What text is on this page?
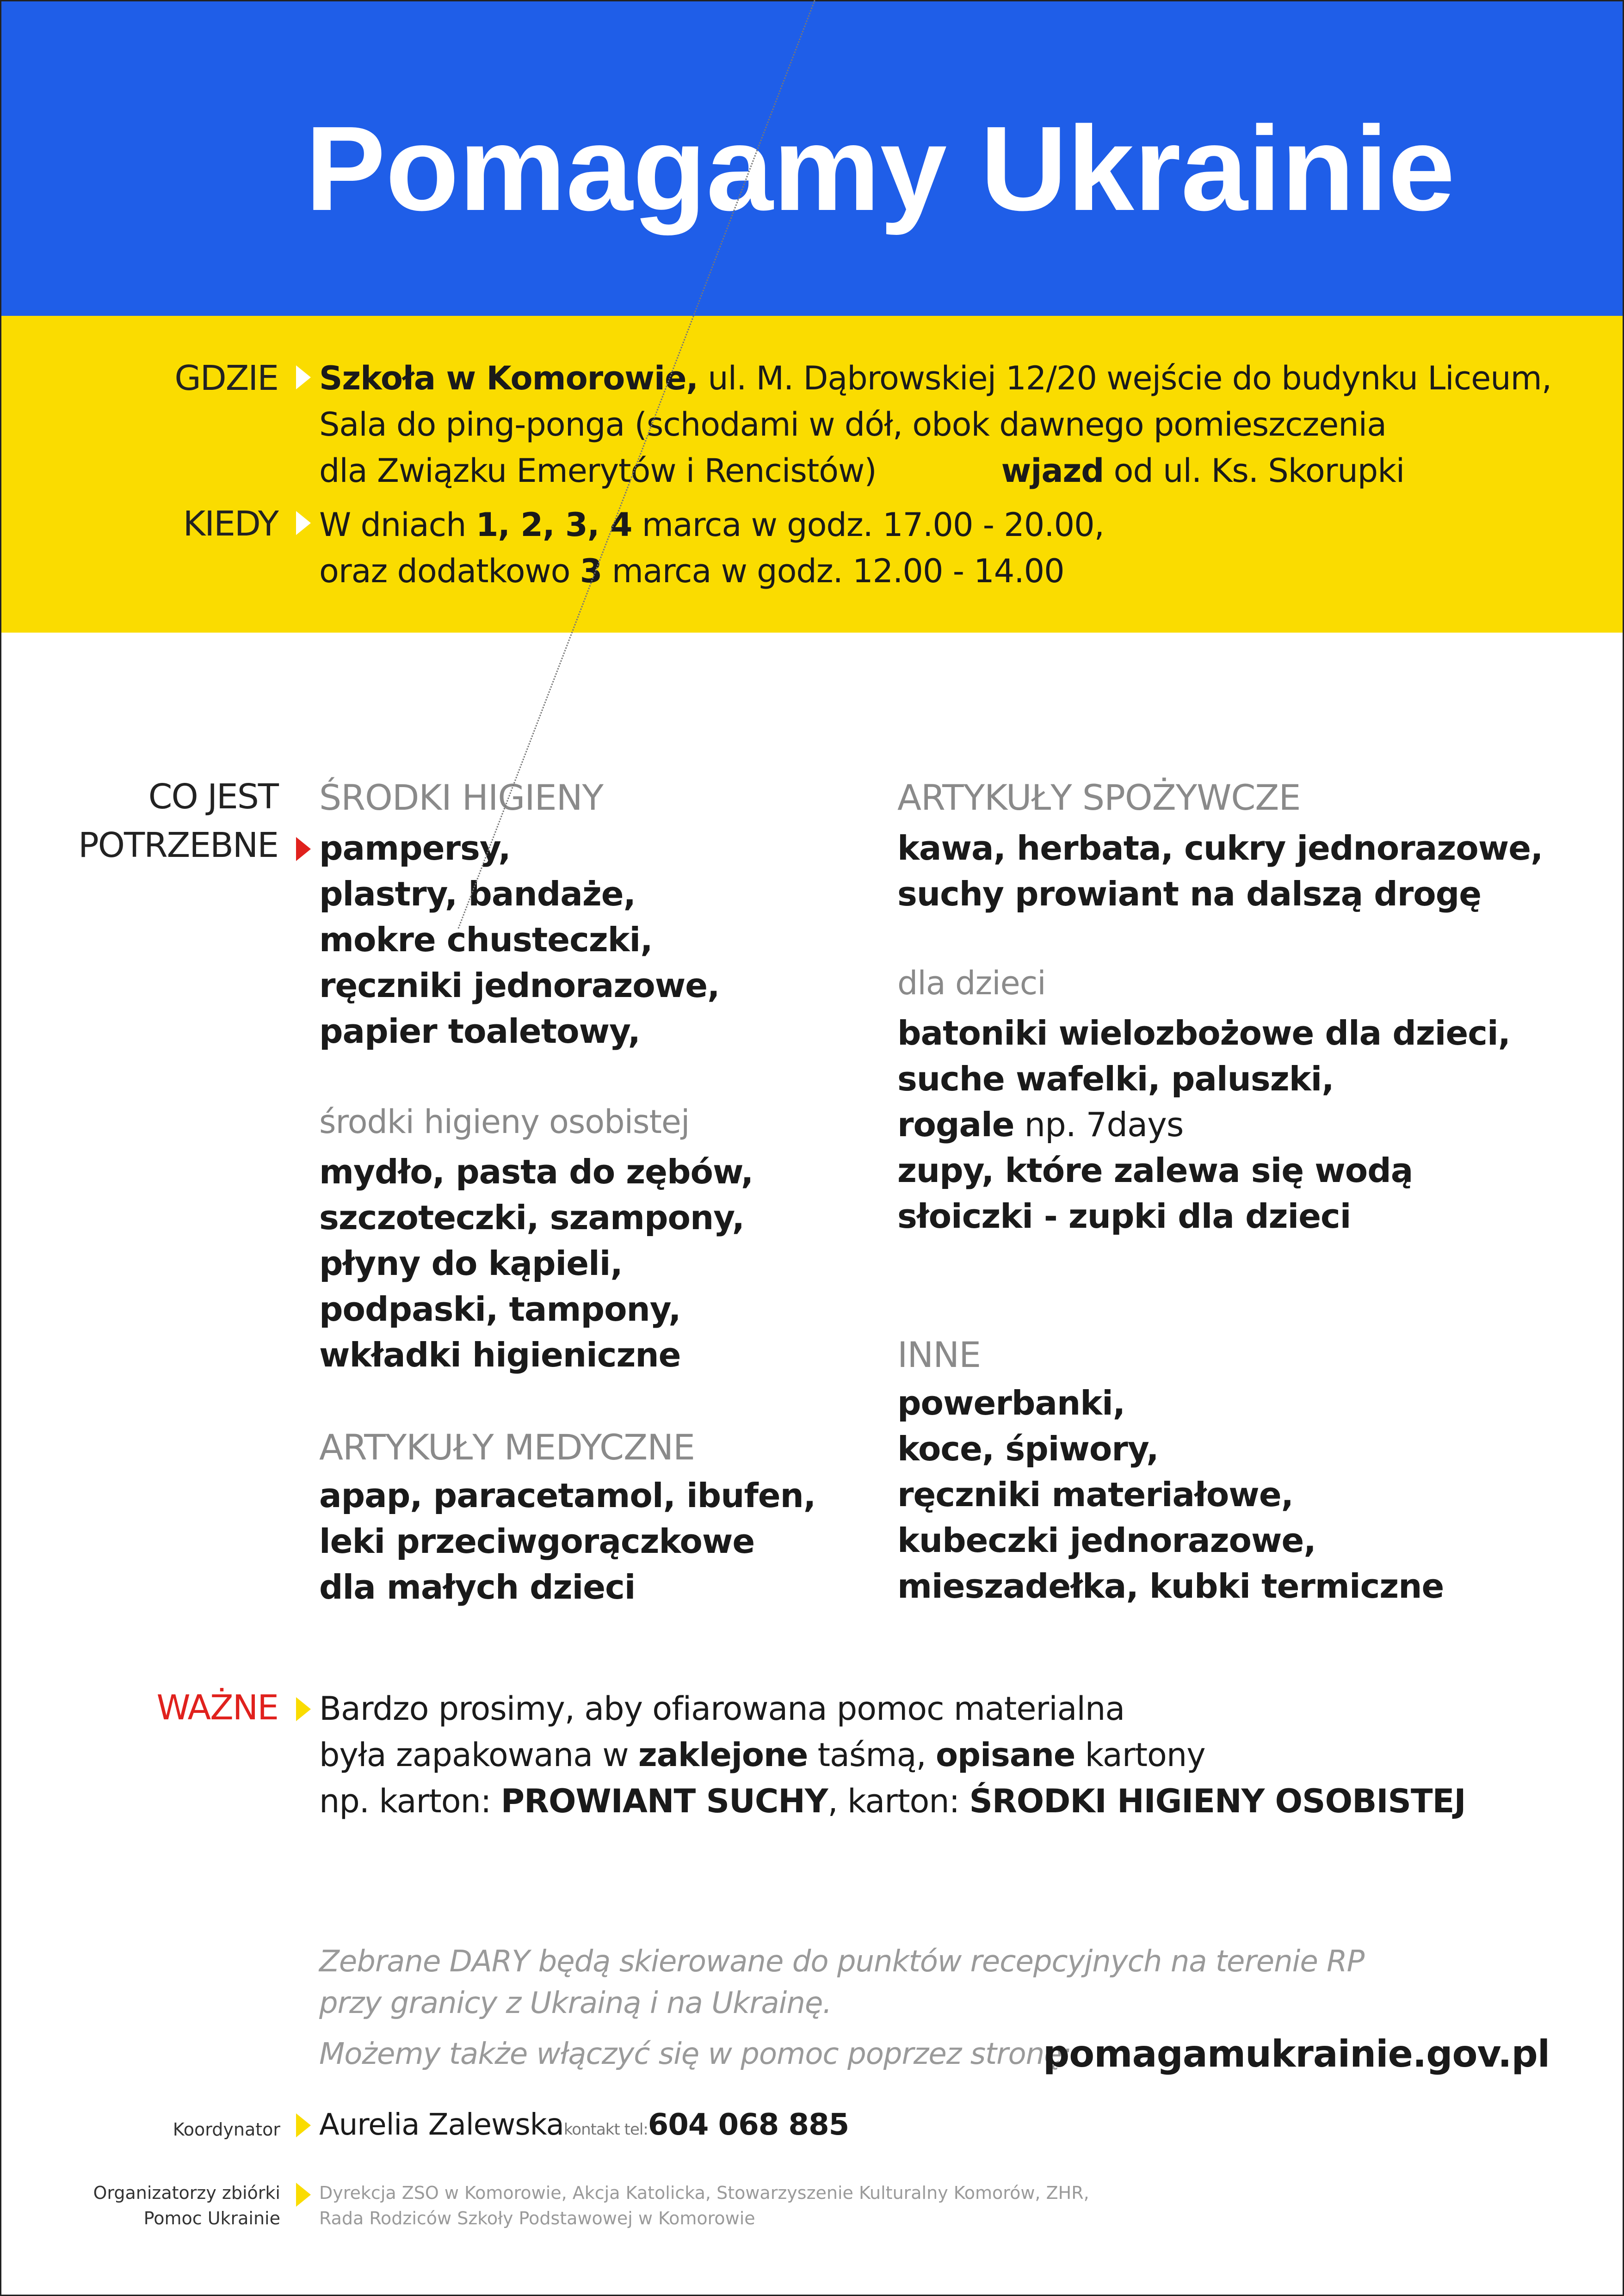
Pomagamy Ukrainie
GDZIE Szkoła w Komorowie, ul. M. Dąbrowskiej 12/20 wejście do budynku Liceum,
Sala do ping-ponga (schodami w dół, obok dawnego pomieszczenia
dla Związku Emerytów i Rencistów)	wjazd od ul. Ks. Skorupki
KIEDY W dniach 1, 2, 3, 4 marca w godz. 17.00 - 20.00,
oraz dodatkowo 3 marca w godz. 12.00 - 14.00
CO JEST
POTRZEBNE
ŚRODKI HIGIENY
pampersy,
plastry, bandaże,
mokre chusteczki,
ręczniki jednorazowe,
papier toaletowy,
środki higieny osobistej
mydło, pasta do zębów,
szczoteczki, szampony,
płyny do kąpieli,
podpaski, tampony,
wkładki higieniczne
ARTYKUŁY MEDYCZNE
apap, paracetamol, ibufen,
leki przeciwgorączkowe
dla małych dzieci
ARTYKUŁY SPOŻYWCZE
kawa, herbata, cukry jednorazowe,
suchy prowiant na dalszą drogę
dla dzieci
batoniki wielozbożowe dla dzieci,
suche wafelki, paluszki,
rogale np. 7days
zupy, które zalewa się wodą
słoiczki - zupki dla dzieci
INNE
powerbanki,
koce, śpiwory,
ręczniki materiałowe,
kubeczki jednorazowe,
mieszadełka, kubki termiczne
WAŻNE Bardzo prosimy, aby ofiarowana pomoc materialna
była zapakowana w zaklejone taśmą, opisane kartony
np. karton: PROWIANT SUCHY, karton: ŚRODKI HIGIENY OSOBISTEJ
Zebrane DARY będą skierowane do punktów recepcyjnych na terenie RP
przy granicy z Ukrainą i na Ukrainę.
Możemy także włączyć się w pomoc poprzez stronę:
pomagamukrainie.gov.pl
Koordynator Aurelia Zalewskakontakt tel:604 068 885
Organizatorzy zbiórki
Pomoc Ukrainie
Dyrekcja ZSO w Komorowie, Akcja Katolicka, Stowarzyszenie Kulturalny Komorów, ZHR,
Rada Rodziców Szkoły Podstawowej w Komorowie
